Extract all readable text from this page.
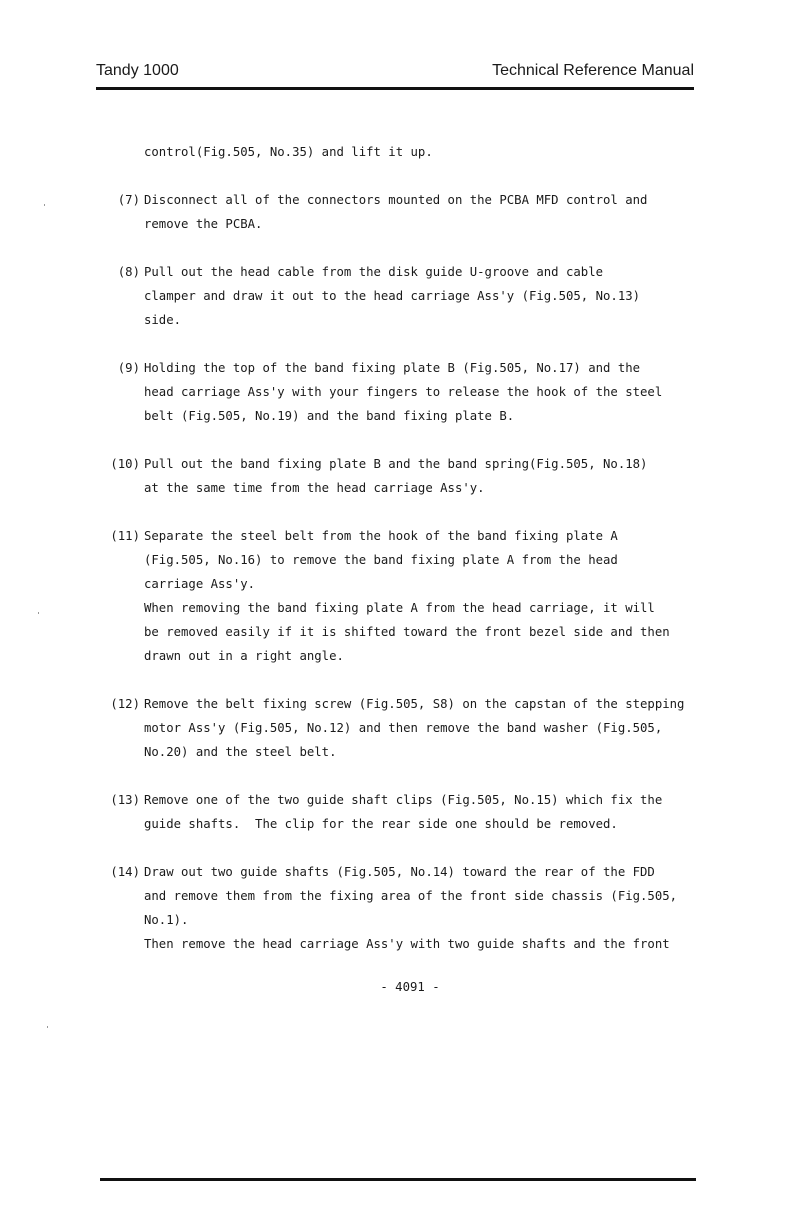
Tandy 1000	Technical Reference Manual
control(Fig.505, No.35) and lift it up.
(7) Disconnect all of the connectors mounted on the PCBA MFD control and
remove the PCBA.
(8) Pull out the head cable from the disk guide U-groove and cable
clamper and draw it out to the head carriage Ass'y (Fig.505, No.13)
side.
(9) Holding the top of the band fixing plate B (Fig.505, No.17) and the
head carriage Ass'y with your fingers to release the hook of the steel
belt (Fig.505, No.19) and the band fixing plate B.
(10) Pull out the band fixing plate B and the band spring(Fig.505, No.18)
at the same time from the head carriage Ass'y.
(11) Separate the steel belt from the hook of the band fixing plate A
(Fig.505, No.16) to remove the band fixing plate A from the head
carriage Ass'y.
When removing the band fixing plate A from the head carriage, it will
be removed easily if it is shifted toward the front bezel side and then
drawn out in a right angle.
(12) Remove the belt fixing screw (Fig.505, S8) on the capstan of the stepping
motor Ass'y (Fig.505, No.12) and then remove the band washer (Fig.505,
No.20) and the steel belt.
(13) Remove one of the two guide shaft clips (Fig.505, No.15) which fix the
guide shafts.  The clip for the rear side one should be removed.
(14) Draw out two guide shafts (Fig.505, No.14) toward the rear of the FDD
and remove them from the fixing area of the front side chassis (Fig.505,
No.1).
Then remove the head carriage Ass'y with two guide shafts and the front
- 4091 -
